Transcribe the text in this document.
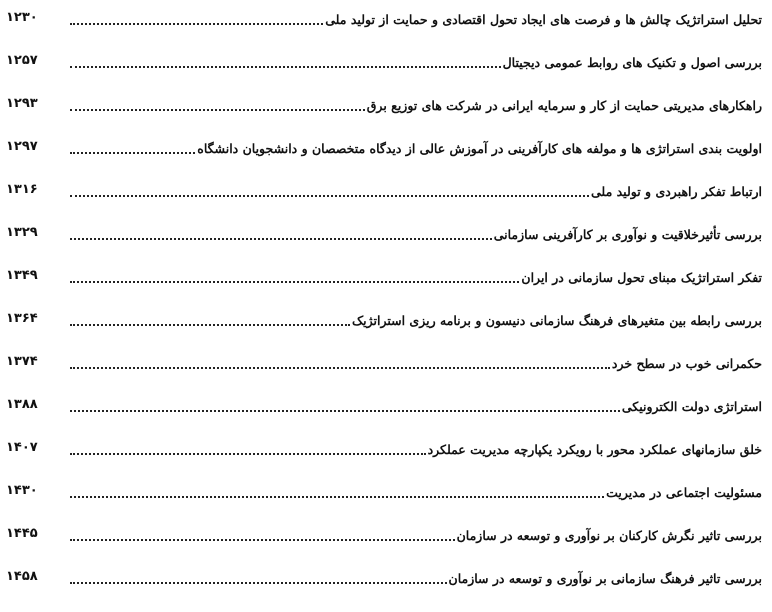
۱۲۳۰	تحلیل استراتژیک چالش ها و فرصت های ایجاد تحول اقتصادی و حمایت از تولید ملی
۱۲۵۷	بررسی اصول و تکنیک های روابط عمومی دیجیتال
۱۲۹۳	راهکارهای مدیریتی حمایت از کار و سرمایه ایرانی در شرکت های توزیع برق
۱۲۹۷	اولویت بندی استراتژی ها و مولفه های کارآفرینی در آموزش عالی از دیدگاه متخصصان و دانشجویان دانشگاه
۱۳۱۶	ارتباط تفکر راهبردی و تولید ملی
۱۳۲۹	بررسی تأثیرخلاقیت و نوآوری بر کارآفرینی سازمانی
۱۳۴۹	تفکر استراتژیک مبنای تحول سازمانی در ایران
۱۳۶۴	بررسی رابطه بین متغیرهای فرهنگ سازمانی دنیسون و برنامه ریزی استراتژیک
۱۳۷۴	حکمرانی خوب در سطح خرد
۱۳۸۸	استراتژی دولت الکترونیکی
۱۴۰۷	خلق سازمانهای عملکرد محور با رویکرد یکپارچه مدیریت عملکرد
۱۴۳۰	مسئولیت اجتماعی در مدیریت
۱۴۴۵	بررسی تاثیر نگرش کارکنان بر نوآوری و توسعه در سازمان
۱۴۵۸	بررسی تاثیر فرهنگ سازمانی بر نوآوری و توسعه در سازمان
